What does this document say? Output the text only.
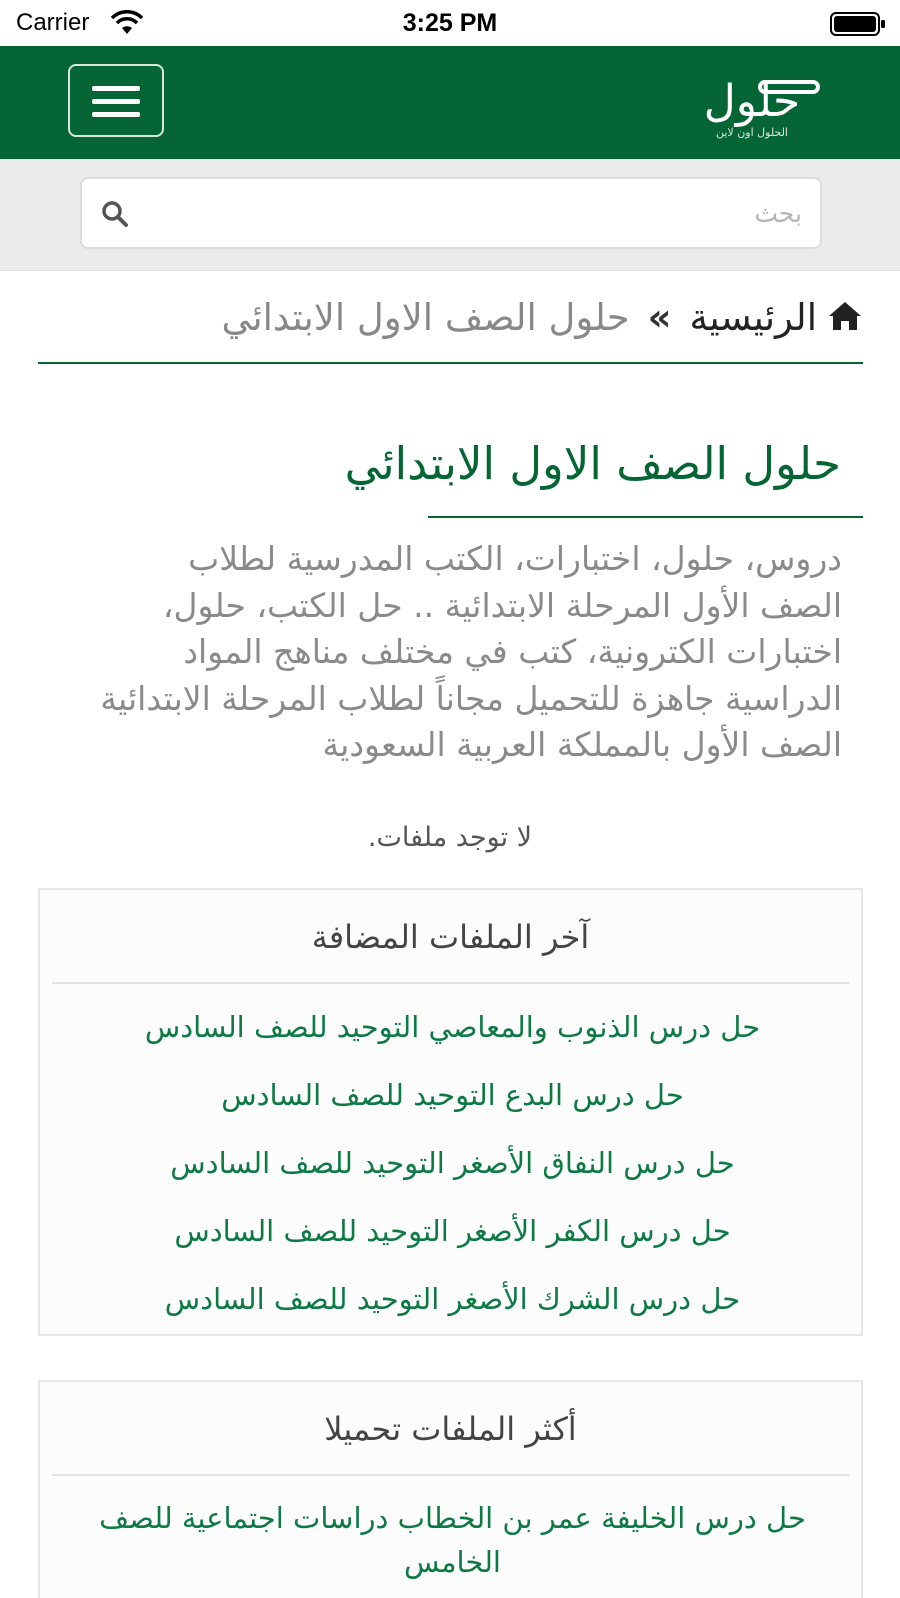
Carrier	3:25 PM
حلول
الحلول اون لاين
بحث
الرئيسية»حلول الصف الاول الابتدائي
حلول الصف الاول الابتدائي

دروس، حلول، اختبارات، الكتب المدرسية لطلاب الصف الأول المرحلة الابتدائية .. حل الكتب، حلول، اختبارات الكترونية، كتب في مختلف مناهج المواد الدراسية جاهزة للتحميل مجاناً لطلاب المرحلة الابتدائية الصف الأول بالمملكة العربية السعودية

لا توجد ملفات.
آخر الملفات المضافة
حل درس الذنوب والمعاصي التوحيد للصف السادس
حل درس البدع التوحيد للصف السادس
حل درس النفاق الأصغر التوحيد للصف السادس
حل درس الكفر الأصغر التوحيد للصف السادس
حل درس الشرك الأصغر التوحيد للصف السادس
أكثر الملفات تحميلا
حل درس الخليفة عمر بن الخطاب دراسات اجتماعية للصف الخامس
